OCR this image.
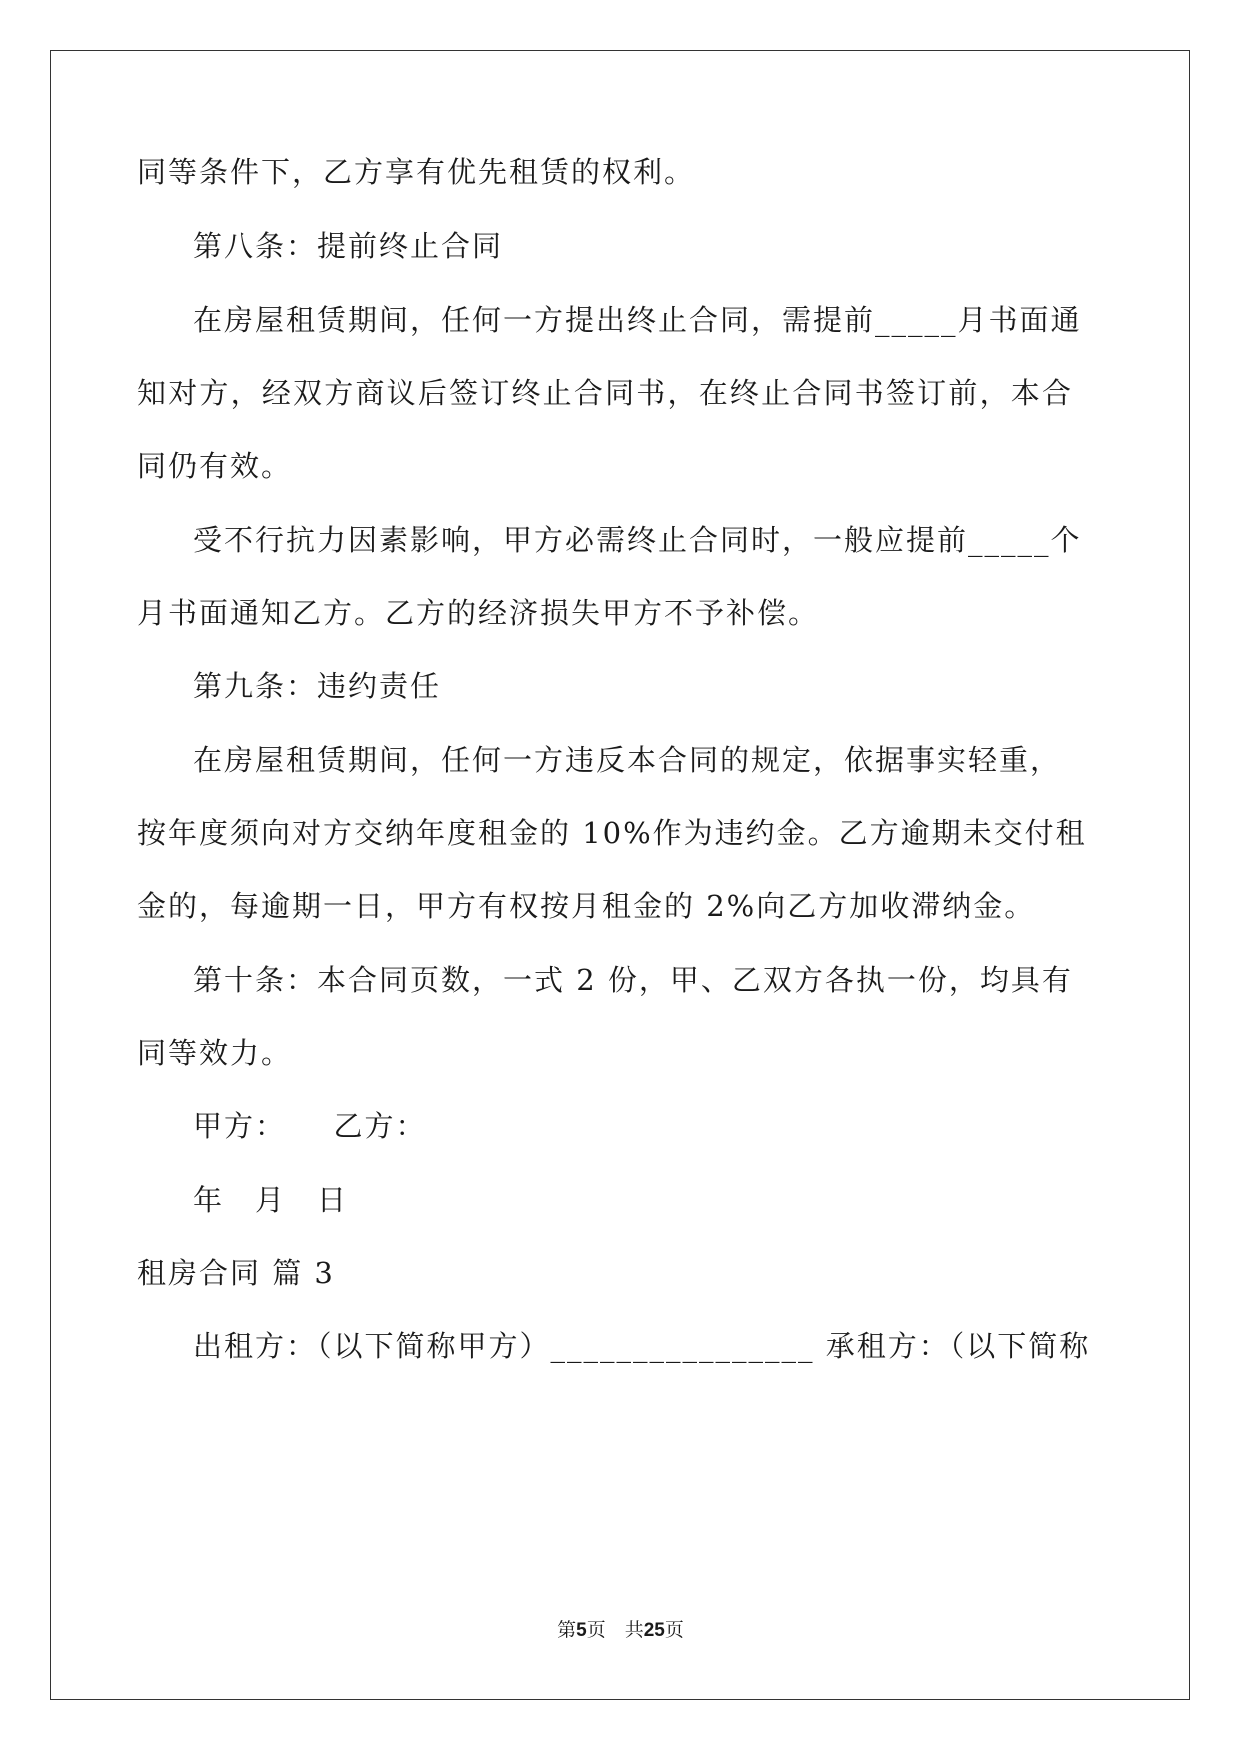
同等条件下，乙方享有优先租赁的权利。
第八条：提前终止合同
在房屋租赁期间，任何一方提出终止合同，需提前_____月书面通
知对方，经双方商议后签订终止合同书，在终止合同书签订前，本合
同仍有效。
受不行抗力因素影响，甲方必需终止合同时，一般应提前_____个
月书面通知乙方。乙方的经济损失甲方不予补偿。
第九条：违约责任
在房屋租赁期间，任何一方违反本合同的规定，依据事实轻重，
按年度须向对方交纳年度租金的 10%作为违约金。乙方逾期未交付租
金的，每逾期一日，甲方有权按月租金的 2%向乙方加收滞纳金。
第十条：本合同页数，一式 2 份，甲、乙双方各执一份，均具有
同等效力。
甲方：　　乙方：
年　月　日
租房合同 篇 3
出租方：（以下简称甲方）________________ 承租方：（以下简称
第5页　共25页
